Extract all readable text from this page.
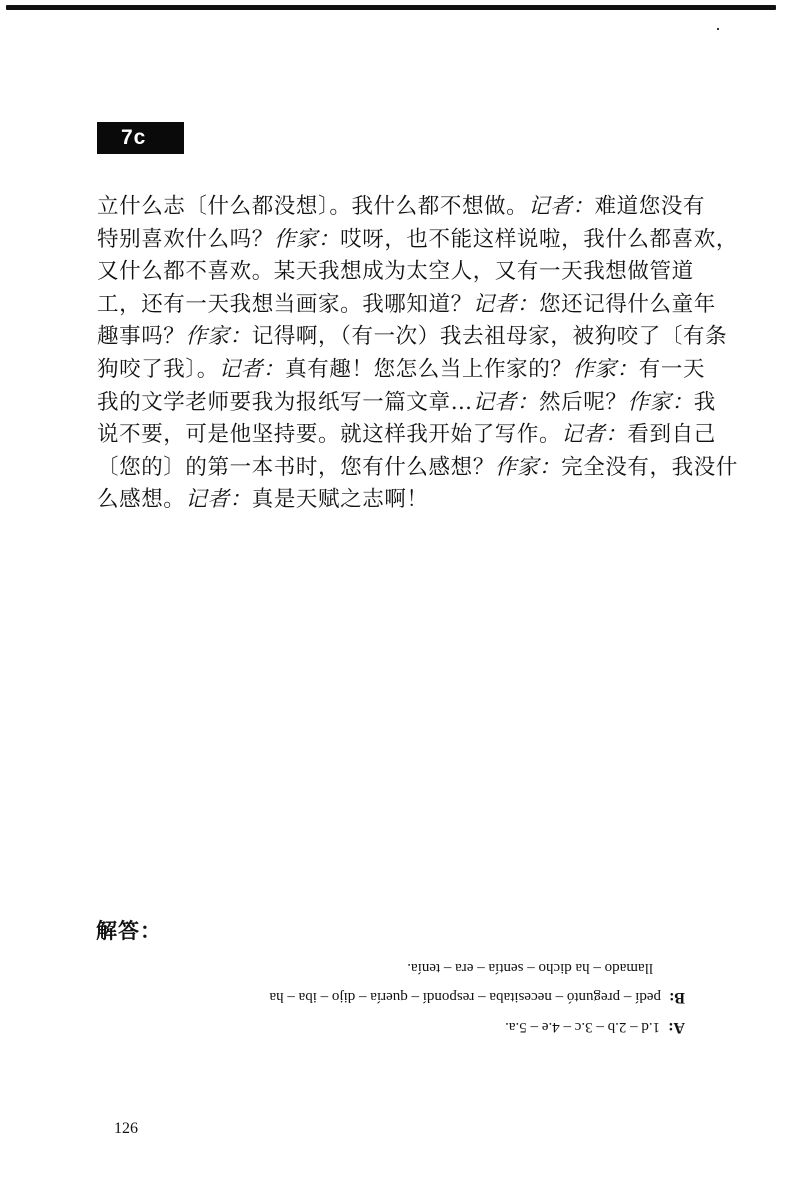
7c
立什么志〔什么都没想〕。我什么都不想做。记者：难道您没有
特别喜欢什么吗？作家：哎呀，也不能这样说啦，我什么都喜欢，
又什么都不喜欢。某天我想成为太空人，又有一天我想做管道
工，还有一天我想当画家。我哪知道？记者：您还记得什么童年
趣事吗？作家：记得啊，（有一次）我去祖母家，被狗咬了〔有条
狗咬了我〕。记者：真有趣！您怎么当上作家的？作家：有一天
我的文学老师要我为报纸写一篇文章…记者：然后呢？作家：我
说不要，可是他坚持要。就这样我开始了写作。记者：看到自己
〔您的〕的第一本书时，您有什么感想？作家：完全没有，我没什
么感想。记者：真是天赋之志啊！
解答：
A:1.d – 2.b – 3.c – 4.e – 5.a.
B:pedí – preguntó – necesitaba – respondí – quería – dijo – iba – ha
llamado – ha dicho – sentía – era – tenía.
126
